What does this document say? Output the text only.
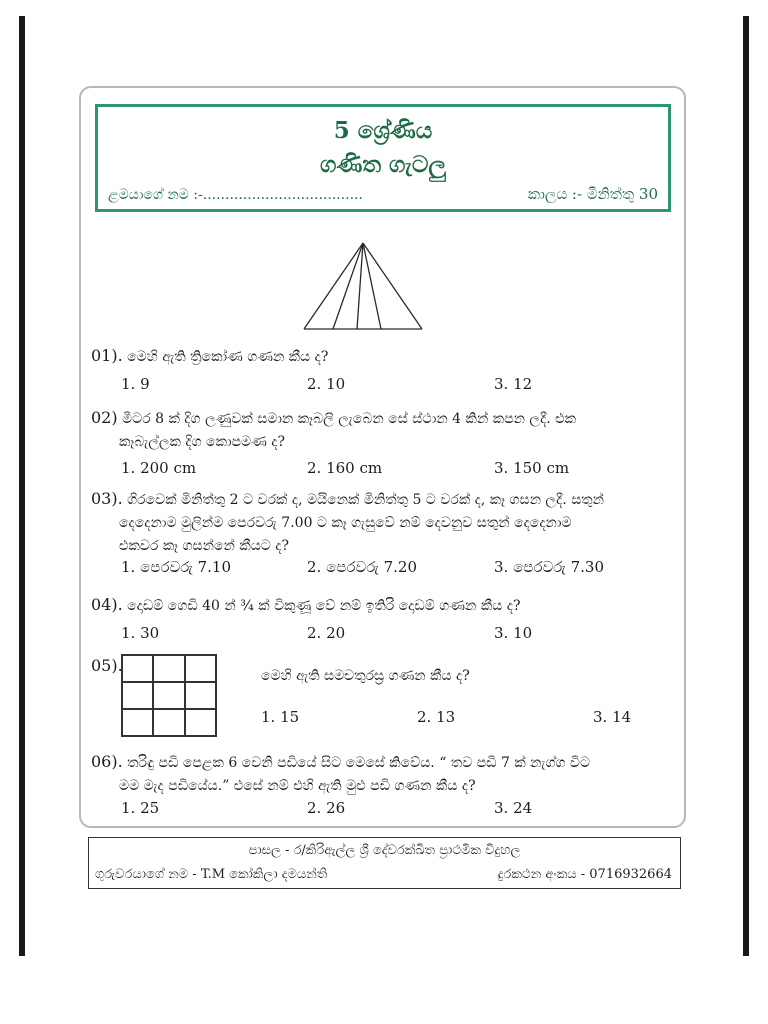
5 ශ්‍රේණිය
ගණිත ගැටලු
ළමයාගේ නම :-....................................	කාලය :- මිනිත්තු 30
01). මෙහි ඇති ත්‍රිකෝණ ගණන කීය ද?
1. 9	2. 10	3. 12
02) මීටර 8 ක් දිග ලණුවක් සමාන කෑබලි ලැබෙන සේ ස්ථාන 4 කින් කපන ලදී. එක
කෑබැල්ලක දිග කොපමණ ද?
1. 200 cm	2. 160 cm	3. 150 cm
03). ගිරවෙක් මිනිත්තු 2 ට වරක් ද, මයිනෙක් මිනිත්තු 5 ට වරක් ද, කෑ ගසන ලදී. සතුන්
දෙදෙනාම මුලින්ම පෙරවරු 7.00 ට කෑ ගැසුවේ නම් දෙවනුව සතුන් දෙදෙනාම
එකවර කෑ ගසන්නේ කීයට ද?
1. පෙරවරු 7.10	2. පෙරවරු 7.20	3. පෙරවරු 7.30
04). දොඩම් ගෙඩි 40 න් ¾ ක් විකුණූ වේ නම් ඉතිරි දොඩම් ගණන කීය ද?
1. 30	2. 20	3. 10
05).
මෙහි ඇති සමචතුරස්‍ර ගණන කීය ද?
1. 15	2. 13	3. 14
06). තරිඳු පඩි පෙළක 6 වෙනි පඩියේ සිට මෙසේ කිවේය. “ තව පඩි 7 ක් නැග්ග විට
මම මැද පඩියේය.” එසේ නම් එහි ඇති මුළු පඩි ගණන කීය ද?
1. 25	2. 26	3. 24
පාසල - ර/කිරිඇල්ල ශ්‍රී දේවරක්ඛිත ප්‍රාථමික විදුහල
ගුරුවරයාගේ නම - T.M කෝකිලා දමයන්ති	දුරකථන අංකය - 0716932664
